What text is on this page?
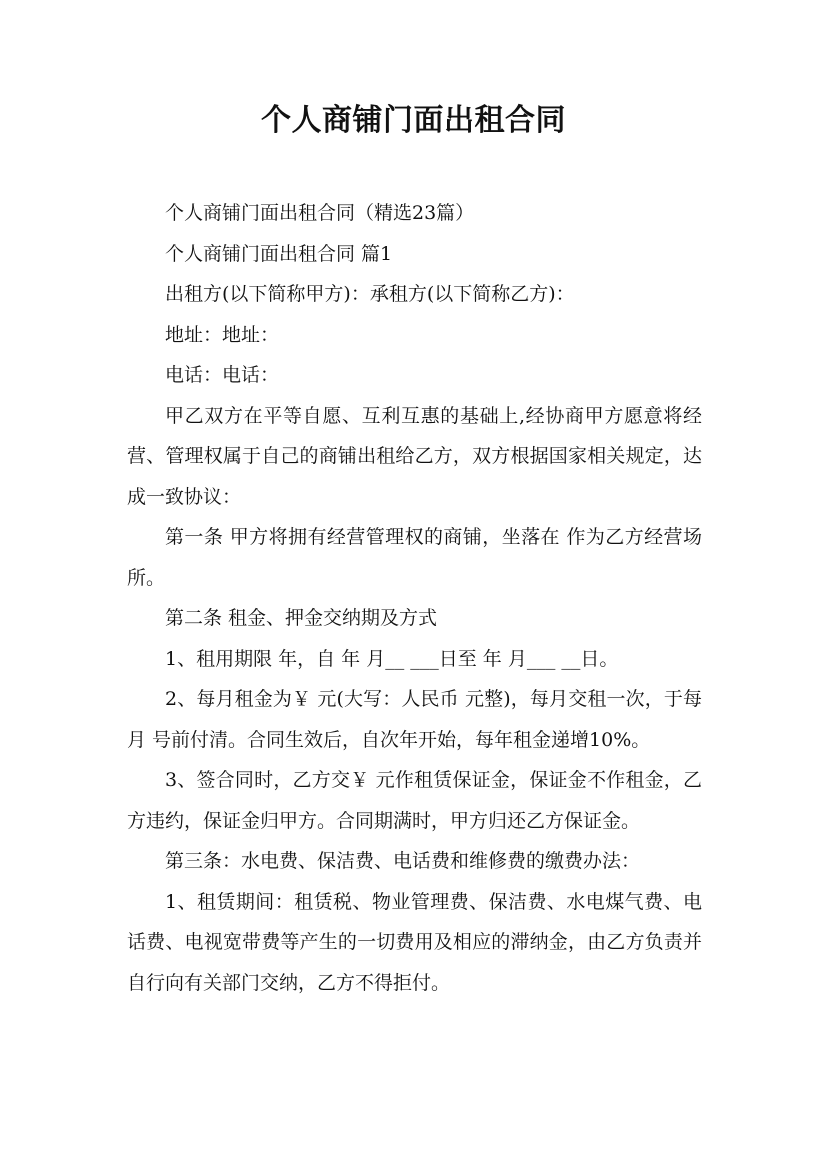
个人商铺门面出租合同

个人商铺门面出租合同（精选23篇）

个人商铺门面出租合同 篇1

出租方(以下简称甲方)：承租方(以下简称乙方)：

地址：地址：

电话：电话：

甲乙双方在平等自愿、互利互惠的基础上,经协商甲方愿意将经营、管理权属于自己的商铺出租给乙方，双方根据国家相关规定，达成一致协议：

第一条 甲方将拥有经营管理权的商铺，坐落在 作为乙方经营场所。

第二条 租金、押金交纳期及方式

1、租用期限 年，自 年 月__ ___日至 年 月___ __日。

2、每月租金为￥ 元(大写：人民币 元整)，每月交租一次，于每月 号前付清。合同生效后，自次年开始，每年租金递增10%。

3、签合同时，乙方交￥ 元作租赁保证金，保证金不作租金，乙方违约，保证金归甲方。合同期满时，甲方归还乙方保证金。

第三条：水电费、保洁费、电话费和维修费的缴费办法：

1、租赁期间：租赁税、物业管理费、保洁费、水电煤气费、电话费、电视宽带费等产生的一切费用及相应的滞纳金，由乙方负责并自行向有关部门交纳，乙方不得拒付。
